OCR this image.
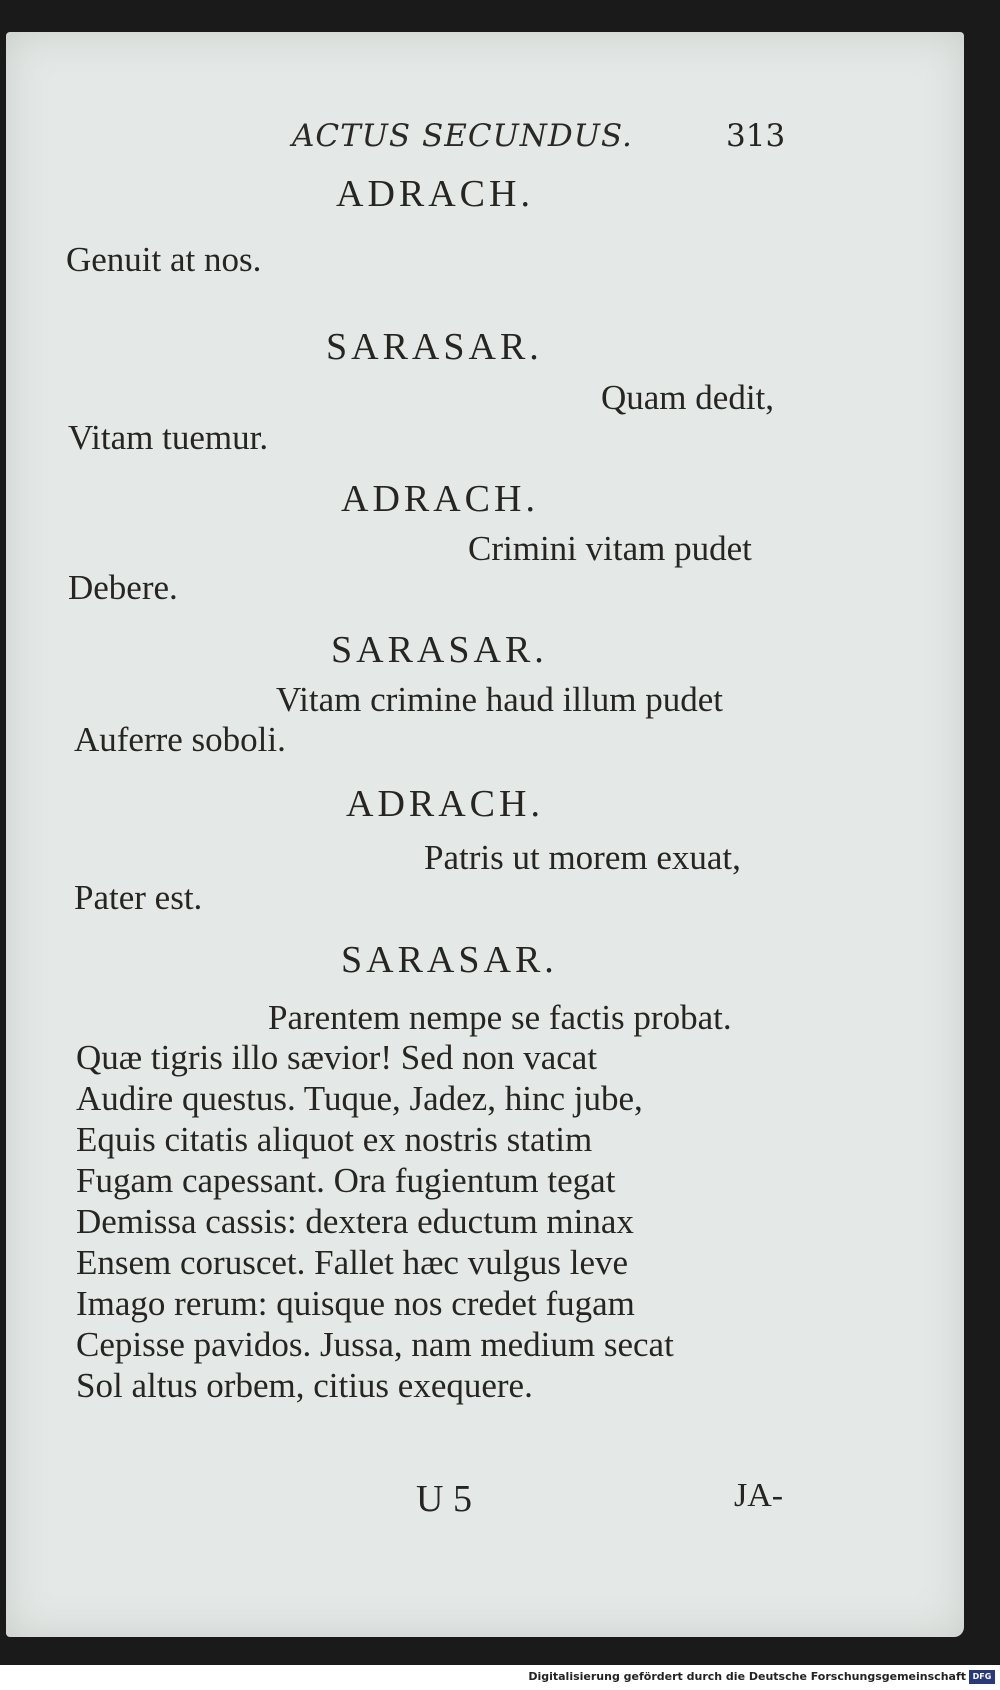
ACTUS SECUNDUS.	313
ADRACH.
Genuit at nos.
SARASAR.
Quam dedit,
Vitam tuemur.
ADRACH.
Crimini vitam pudet
Debere.
SARASAR.
Vitam crimine haud illum pudet
Auferre soboli.
ADRACH.
Patris ut morem exuat,
Pater est.
SARASAR.
Parentem nempe se factis probat.
Quæ tigris illo sævior! Sed non vacat
Audire questus. Tuque, Jadez, hinc jube,
Equis citatis aliquot ex nostris statim
Fugam capessant. Ora fugientum tegat
Demissa cassis: dextera eductum minax
Ensem coruscet. Fallet hæc vulgus leve
Imago rerum: quisque nos credet fugam
Cepisse pavidos. Jussa, nam medium secat
Sol altus orbem, citius exequere.
U 5	JA-
Digitalisierung gefördert durch die Deutsche Forschungsgemeinschaft DFG
